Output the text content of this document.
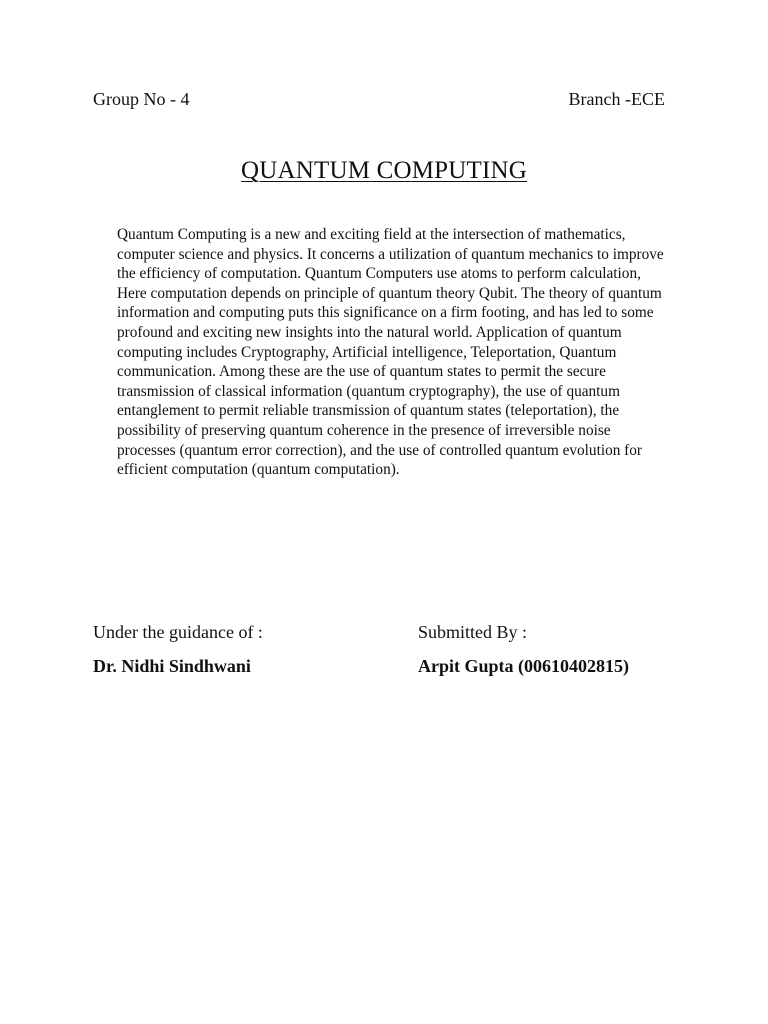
Group No - 4	Branch -ECE
QUANTUM COMPUTING

Quantum Computing is a new and exciting field at the intersection of mathematics, computer science and physics. It concerns a utilization of quantum mechanics to improve the efficiency of computation. Quantum Computers use atoms to perform calculation, Here computation depends on principle of quantum theory Qubit. The theory of quantum information and computing puts this significance on a firm footing, and has led to some profound and exciting new insights into the natural world. Application of quantum computing includes Cryptography, Artificial intelligence, Teleportation, Quantum communication. Among these are the use of quantum states to permit the secure transmission of classical information (quantum cryptography), the use of quantum entanglement to permit reliable transmission of quantum states (teleportation), the possibility of preserving quantum coherence in the presence of irreversible noise processes (quantum error correction), and the use of controlled quantum evolution for efficient computation (quantum computation).

Under the guidance of :	Submitted By :
Dr. Nidhi Sindhwani	Arpit Gupta (00610402815)
